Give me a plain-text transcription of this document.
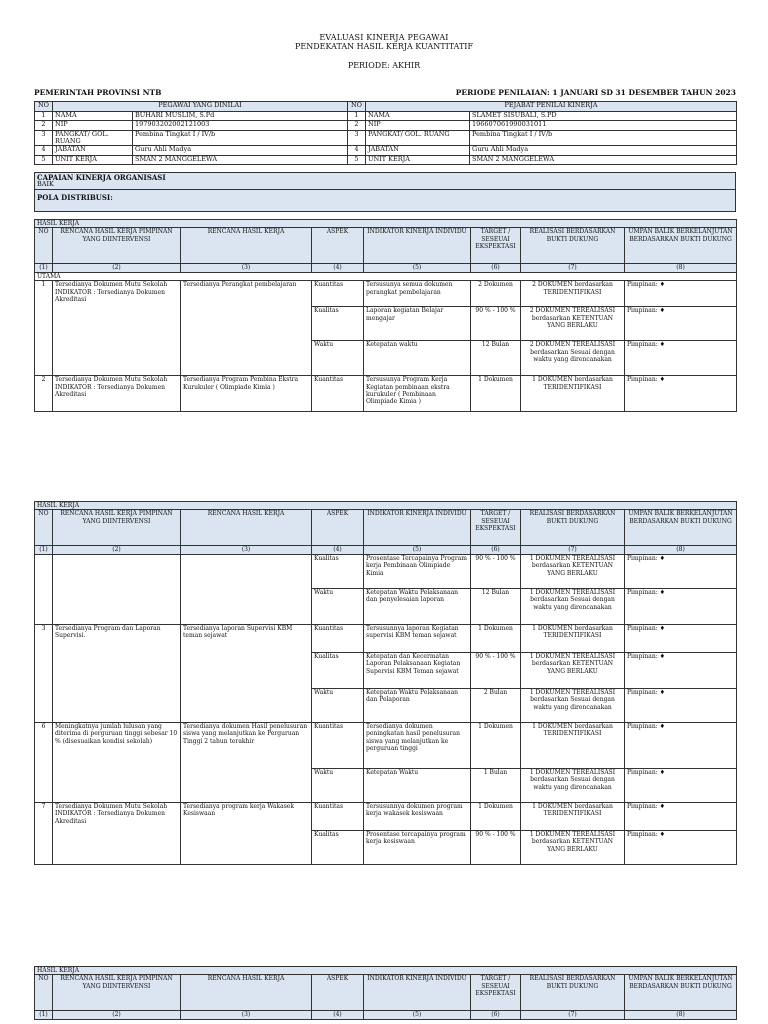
EVALUASI KINERJA PEGAWAI
PENDEKATAN HASIL KERJA KUANTITATIF
PERIODE: AKHIR
PEMERINTAH PROVINSI NTB	PERIODE PENILAIAN: 1 JANUARI SD 31 DESEMBER TAHUN 2023
NO	PEGAWAI YANG DINILAI		NO	PEJABAT PENILAI KINERJA	
1	NAMA	BUHARI MUSLIM, S.Pd	1	NAMA	SLAMET SISUBALI, S.PD
2	NIP	197903202002121003	2	NIP	196607061990031011
3	PANGKAT/ GOL. RUANG	Pembina Tingkat I / IV/b	3	PANGKAT/ GOL. RUANG	Pembina Tingkat I / IV/b
4	JABATAN	Guru Ahli Madya	4	JABATAN	Guru Ahli Madya
5	UNIT KERJA	SMAN 2 MANGGELEWA	5	UNIT KERJA	SMAN 2 MANGGELEWA
CAPAIAN KINERJA ORGANISASI
BAIK

POLA DISTRIBUSI:
HASIL KERJA							
NO	RENCANA HASIL KERJA PIMPINAN YANG DIINTERVENSI	RENCANA HASIL KERJA	ASPEK	INDIKATOR KINERJA INDIVIDU	TARGET / SESEUAI EKSPEKTASI	REALISASI BERDASARKAN BUKTI DUKUNG	UMPAN BALIK BERKELANJUTAN BERDASARKAN BUKTI DUKUNG
(1)	(2)	(3)	(4)	(5)	(6)	(7)	(8)
UTAMA							
1	Tersedianya Dokumen Mutu Sekolah INDIKATOR : Tersedianya Dokumen Akreditasi	Tersedianya Perangkat pembelajaran	Kuantitas	Tersusunya semua dokumen perangkat pembelajaran	2 Dokumen	2 DOKUMEN berdasarkan TERIDENTIFIKASI	Pimpinan: ♦
			Kualitas	Laporan kegiatan Belajar mengajar	90 % - 100 %	2 DOKUMEN TEREALISASI berdasarkan KETENTUAN YANG BERLAKU	Pimpinan: ♦
			Waktu	Ketepatan waktu	12 Bulan	2 DOKUMEN TEREALISASI berdasarkan Sesuai dengan waktu yang direncanakan	Pimpinan: ♦
2	Tersedianya Dokumen Mutu Sekolah INDIKATOR : Tersedianya Dokumen Akreditasi	Tersedianya Program Pembina Ekstra Kurukuler ( Olimpiade Kimia )	Kuantitas	Tersusunya Program Kerja Kegiatan pembinaan ekstra kurukuler ( Pembinaan Olimpiade Kimia )	1 Dokumen	1 DOKUMEN berdasarkan TERIDENTIFIKASI	Pimpinan: ♦
HASIL KERJA							
NO	RENCANA HASIL KERJA PIMPINAN YANG DIINTERVENSI	RENCANA HASIL KERJA	ASPEK	INDIKATOR KINERJA INDIVIDU	TARGET / SESEUAI EKSPEKTASI	REALISASI BERDASARKAN BUKTI DUKUNG	UMPAN BALIK BERKELANJUTAN BERDASARKAN BUKTI DUKUNG
(1)	(2)	(3)	(4)	(5)	(6)	(7)	(8)
			Kualitas	Prosentase Tercapainya Program kerja Pembinaan Olimpiade Kimia	90 % - 100 %	1 DOKUMEN TEREALISASI berdasarkan KETENTUAN YANG BERLAKU	Pimpinan: ♦
			Waktu	Ketepatan Waktu Pelaksanaan dan penyelesaian laporan	12 Bulan	1 DOKUMEN TEREALISASI berdasarkan Sesuai dengan waktu yang direncanakan	Pimpinan: ♦
3	Tersedianya Program dan Laporan Supervisi.	Tersedianya laporan Supervisi KBM teman sejawat	Kuantitas	Tersusunnya laporan Kegiatan supervisi KBM teman sejawat	1 Dokumen	1 DOKUMEN berdasarkan TERIDENTIFIKASI	Pimpinan: ♦
			Kualitas	Ketepatan dan Kecermatan Laporan Pelaksanaan Kegiatan Supervisi KBM Teman sejawat	90 % - 100 %	1 DOKUMEN TEREALISASI berdasarkan KETENTUAN YANG BERLAKU	Pimpinan: ♦
			Waktu	Ketepatan Waktu Pelaksanaan dan Pelaporan	2 Bulan	1 DOKUMEN TEREALISASI berdasarkan Sesuai dengan waktu yang direncanakan	Pimpinan: ♦
6	Meningkatnya jumlah lulusan yang diterima di perguruan tinggi sebesar 10 % (disesuaikan kondisi sekolah)	Tersedianya dokumen Hasil penelusuran siswa yang melanjutkan ke Perguruan Tinggi 2 tahun terakhir	Kuantitas	Tersedianya dokumen peningkatan hasil penelusuran siswa yang melanjutkan ke perguruan tinggi	1 Dokumen	1 DOKUMEN berdasarkan TERIDENTIFIKASI	Pimpinan: ♦
			Waktu	Ketepatan Waktu	1 Bulan	1 DOKUMEN TEREALISASI berdasarkan Sesuai dengan waktu yang direncanakan	Pimpinan: ♦
7	Tersedianya Dokumen Mutu Sekolah INDIKATOR : Tersedianya Dokumen Akreditasi	Tersedianya program kerja Wakasek Kesiswaan	Kuantitas	Tersusunnya dokumen program kerja wakasek kesiswaan	1 Dokumen	1 DOKUMEN berdasarkan TERIDENTIFIKASI	Pimpinan: ♦
			Kualitas	Prosentase tercapainya program kerja kesiswaan	90 % - 100 %	1 DOKUMEN TEREALISASI berdasarkan KETENTUAN YANG BERLAKU	Pimpinan: ♦
HASIL KERJA							
NO	RENCANA HASIL KERJA PIMPINAN YANG DIINTERVENSI	RENCANA HASIL KERJA	ASPEK	INDIKATOR KINERJA INDIVIDU	TARGET / SESEUAI EKSPEKTASI	REALISASI BERDASARKAN BUKTI DUKUNG	UMPAN BALIK BERKELANJUTAN BERDASARKAN BUKTI DUKUNG
(1)	(2)	(3)	(4)	(5)	(6)	(7)	(8)
